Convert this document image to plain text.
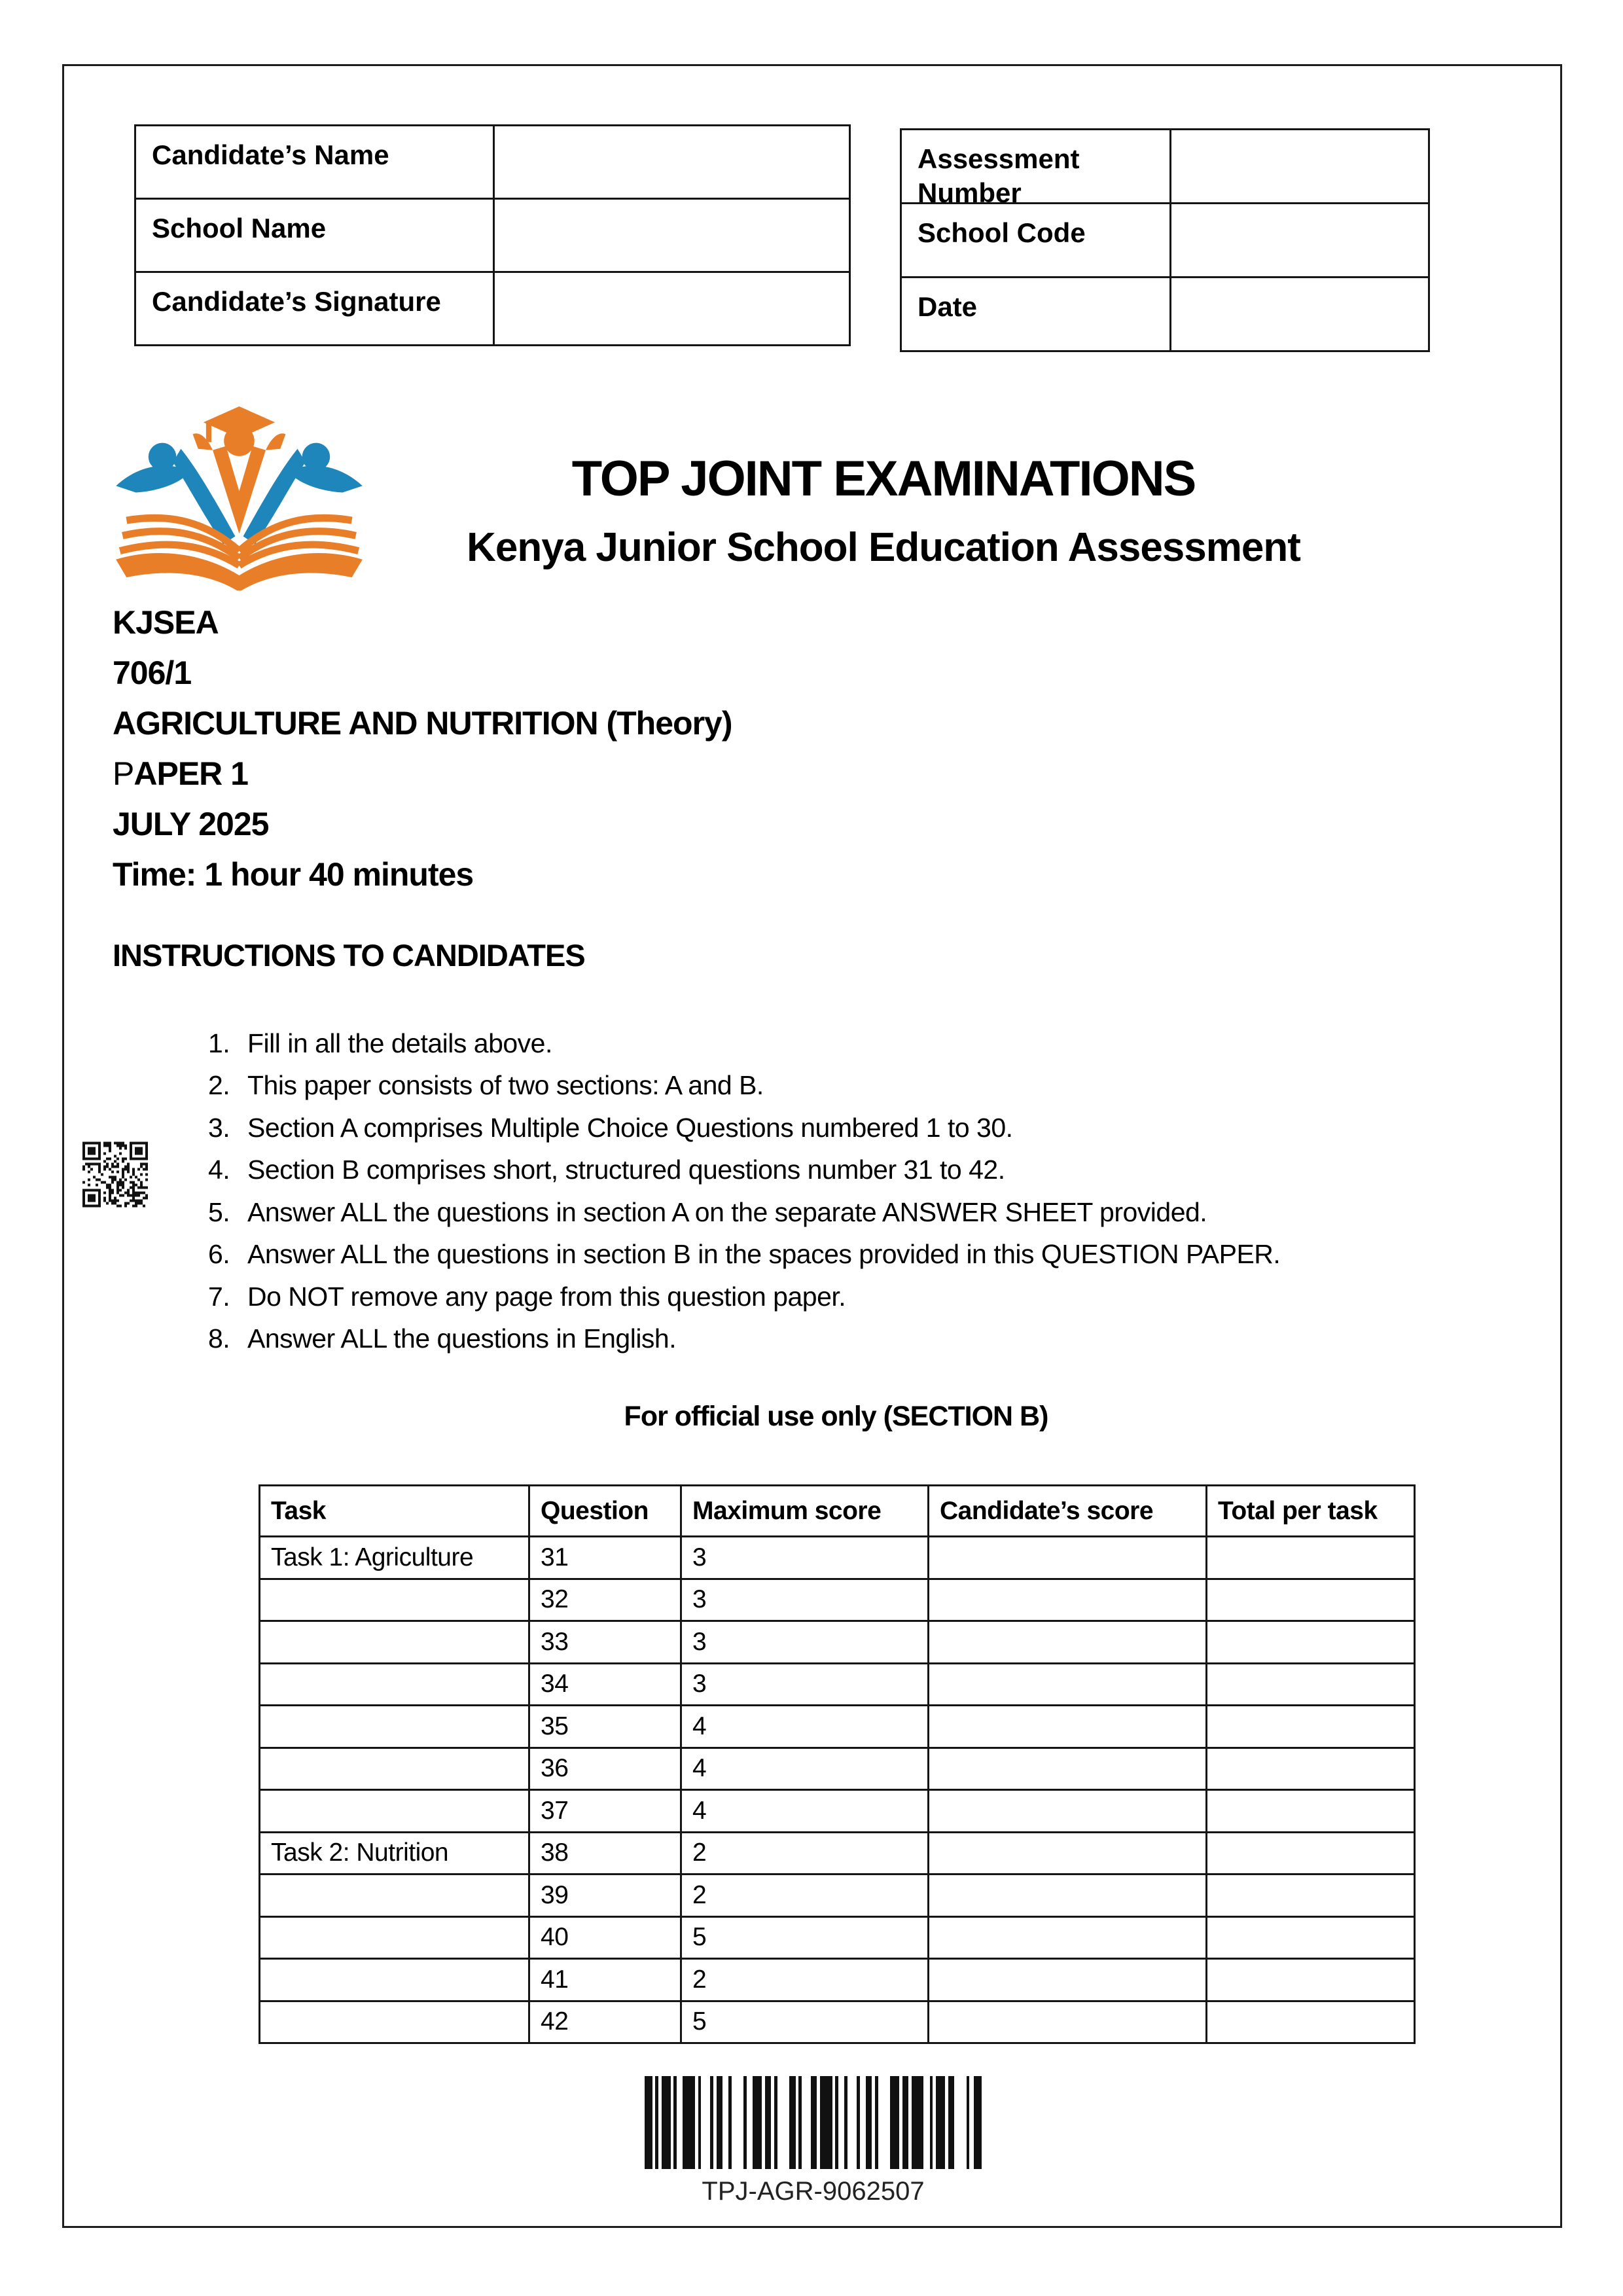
Candidate’s Name
School Name
Candidate’s Signature
Assessment Number
School Code
Date
TOP JOINT EXAMINATIONS
Kenya Junior School Education Assessment
KJSEA
706/1
AGRICULTURE AND NUTRITION (Theory)
PAPER 1
JULY 2025
Time: 1 hour 40 minutes
INSTRUCTIONS TO CANDIDATES
1. Fill in all the details above.
2. This paper consists of two sections: A and B.
3. Section A comprises Multiple Choice Questions numbered 1 to 30.
4. Section B comprises short, structured questions number 31 to 42.
5. Answer ALL the questions in section A on the separate ANSWER SHEET provided.
6. Answer ALL the questions in section B in the spaces provided in this QUESTION PAPER.
7. Do NOT remove any page from this question paper.
8. Answer ALL the questions in English.
For official use only (SECTION B)
Task	Question	Maximum score	Candidate’s score	Total per task
Task 1: Agriculture	31	3		
	32	3		
	33	3		
	34	3		
	35	4		
	36	4		
	37	4		
Task 2: Nutrition	38	2		
	39	2		
	40	5		
	41	2		
	42	5		
TPJ-AGR-9062507
